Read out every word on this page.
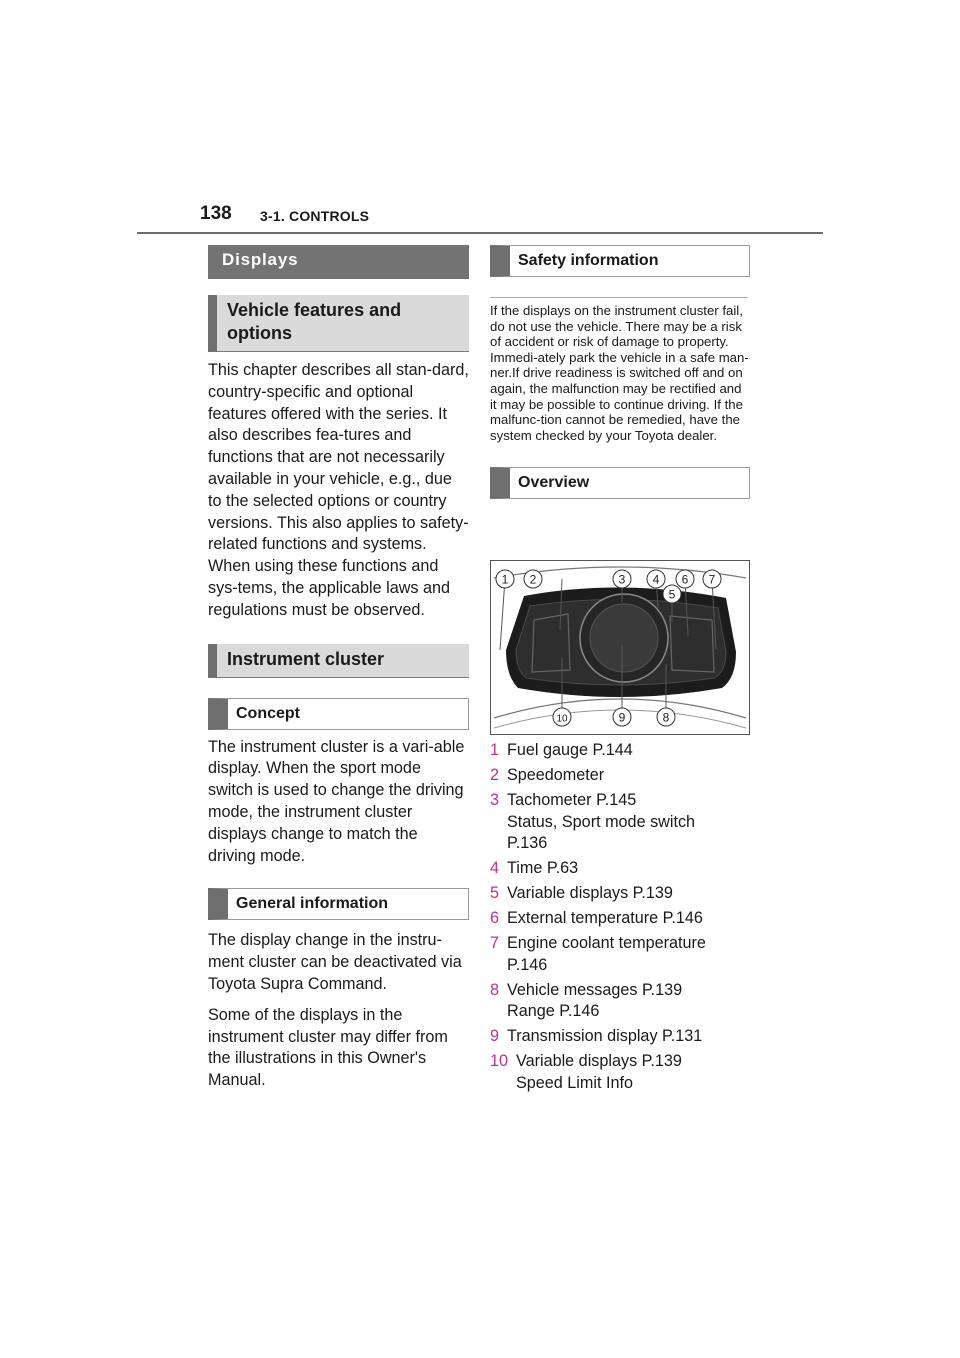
138 3-1. CONTROLS
Displays
Vehicle features and options

This chapter describes all stan-dard, country-specific and optional features offered with the series. It also describes fea-tures and functions that are not necessarily available in your vehicle, e.g., due to the selected options or country versions. This also applies to safety-related functions and systems. When using these functions and sys-tems, the applicable laws and regulations must be observed.

Instrument cluster
Concept

The instrument cluster is a vari-able display. When the sport mode switch is used to change the driving mode, the instrument cluster displays change to match the driving mode.

General information

The display change in the instru-ment cluster can be deactivated via Toyota Supra Command.

Some of the displays in the instrument cluster may differ from the illustrations in this Owner's Manual.

Safety information

If the displays on the instrument cluster fail, do not use the vehicle. There may be a risk of accident or risk of damage to property. Immedi-ately park the vehicle in a safe man-ner.If drive readiness is switched off and on again, the malfunction may be rectified and it may be possible to continue driving. If the malfunc-tion cannot be remedied, have the system checked by your Toyota dealer.

Overview
1 2	3 4
5
6 7
8
9
10
1 Fuel gauge P.144
2 Speedometer
3 Tachometer P.145
Status, Sport mode switch P.136
4 Time P.63
5 Variable displays P.139
6 External temperature P.146
7 Engine coolant temperature P.146
8 Vehicle messages P.139
Range P.146
9 Transmission display P.131
10 Variable displays P.139
Speed Limit Info
